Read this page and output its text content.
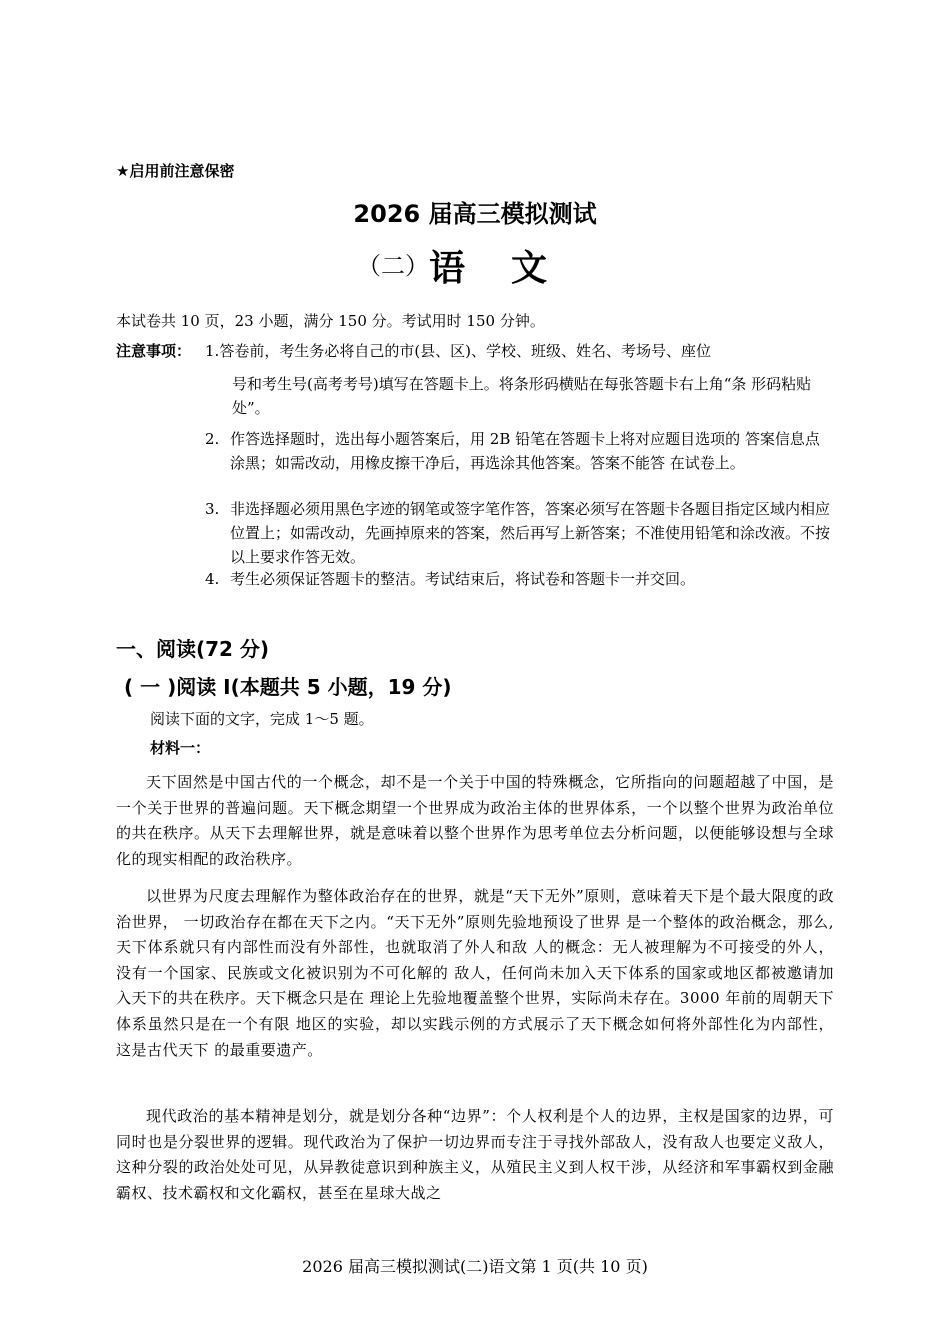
★启用前注意保密
2026 届高三模拟测试
（二）语文
本试卷共 10 页，23 小题，满分 150 分。考试用时 150 分钟。
注意事项： 1.答卷前，考生务必将自己的市(县、区)、学校、班级、姓名、考场号、座位
号和考生号(高考考号)填写在答题卡上。将条形码横贴在每张答题卡右上角“条 形码粘贴处”。
2. 作答选择题时，选出每小题答案后，用 2B 铅笔在答题卡上将对应题目选项的 答案信息点涂黑；如需改动，用橡皮擦干净后，再选涂其他答案。答案不能答 在试卷上。
3. 非选择题必须用黑色字迹的钢笔或签字笔作答，答案必须写在答题卡各题目指定区域内相应位置上；如需改动，先画掉原来的答案，然后再写上新答案；不准使用铅笔和涂改液。不按以上要求作答无效。
4. 考生必须保证答题卡的整洁。考试结束后，将试卷和答题卡一并交回。
一、阅读(72 分)
( 一 )阅读 I(本题共 5 小题，19 分)
阅读下面的文字，完成 1～5 题。
材料一：

天下固然是中国古代的一个概念，却不是一个关于中国的特殊概念，它所指向的问题超越了中国，是一个关于世界的普遍问题。天下概念期望一个世界成为政治主体的世界体系，一个以整个世界为政治单位的共在秩序。从天下去理解世界，就是意味着以整个世界作为思考单位去分析问题，以便能够设想与全球化的现实相配的政治秩序。

以世界为尺度去理解作为整体政治存在的世界，就是“天下无外”原则，意味着天下是个最大限度的政治世界， 一切政治存在都在天下之内。“天下无外”原则先验地预设了世界 是一个整体的政治概念，那么,天下体系就只有内部性而没有外部性，也就取消了外人和敌 人的概念：无人被理解为不可接受的外人，没有一个国家、民族或文化被识别为不可化解的 敌人，任何尚未加入天下体系的国家或地区都被邀请加入天下的共在秩序。天下概念只是在 理论上先验地覆盖整个世界，实际尚未存在。3000 年前的周朝天下体系虽然只是在一个有限 地区的实验，却以实践示例的方式展示了天下概念如何将外部性化为内部性，这是古代天下 的最重要遗产。

现代政治的基本精神是划分，就是划分各种“边界”：个人权利是个人的边界，主权是国家的边界，可同时也是分裂世界的逻辑。现代政治为了保护一切边界而专注于寻找外部敌人，没有敌人也要定义敌人，这种分裂的政治处处可见，从异教徒意识到种族主义，从殖民主义到人权干涉，从经济和军事霸权到金融霸权、技术霸权和文化霸权，甚至在星球大战之

2026 届高三模拟测试(二)语文第 1 页(共 10 页)
